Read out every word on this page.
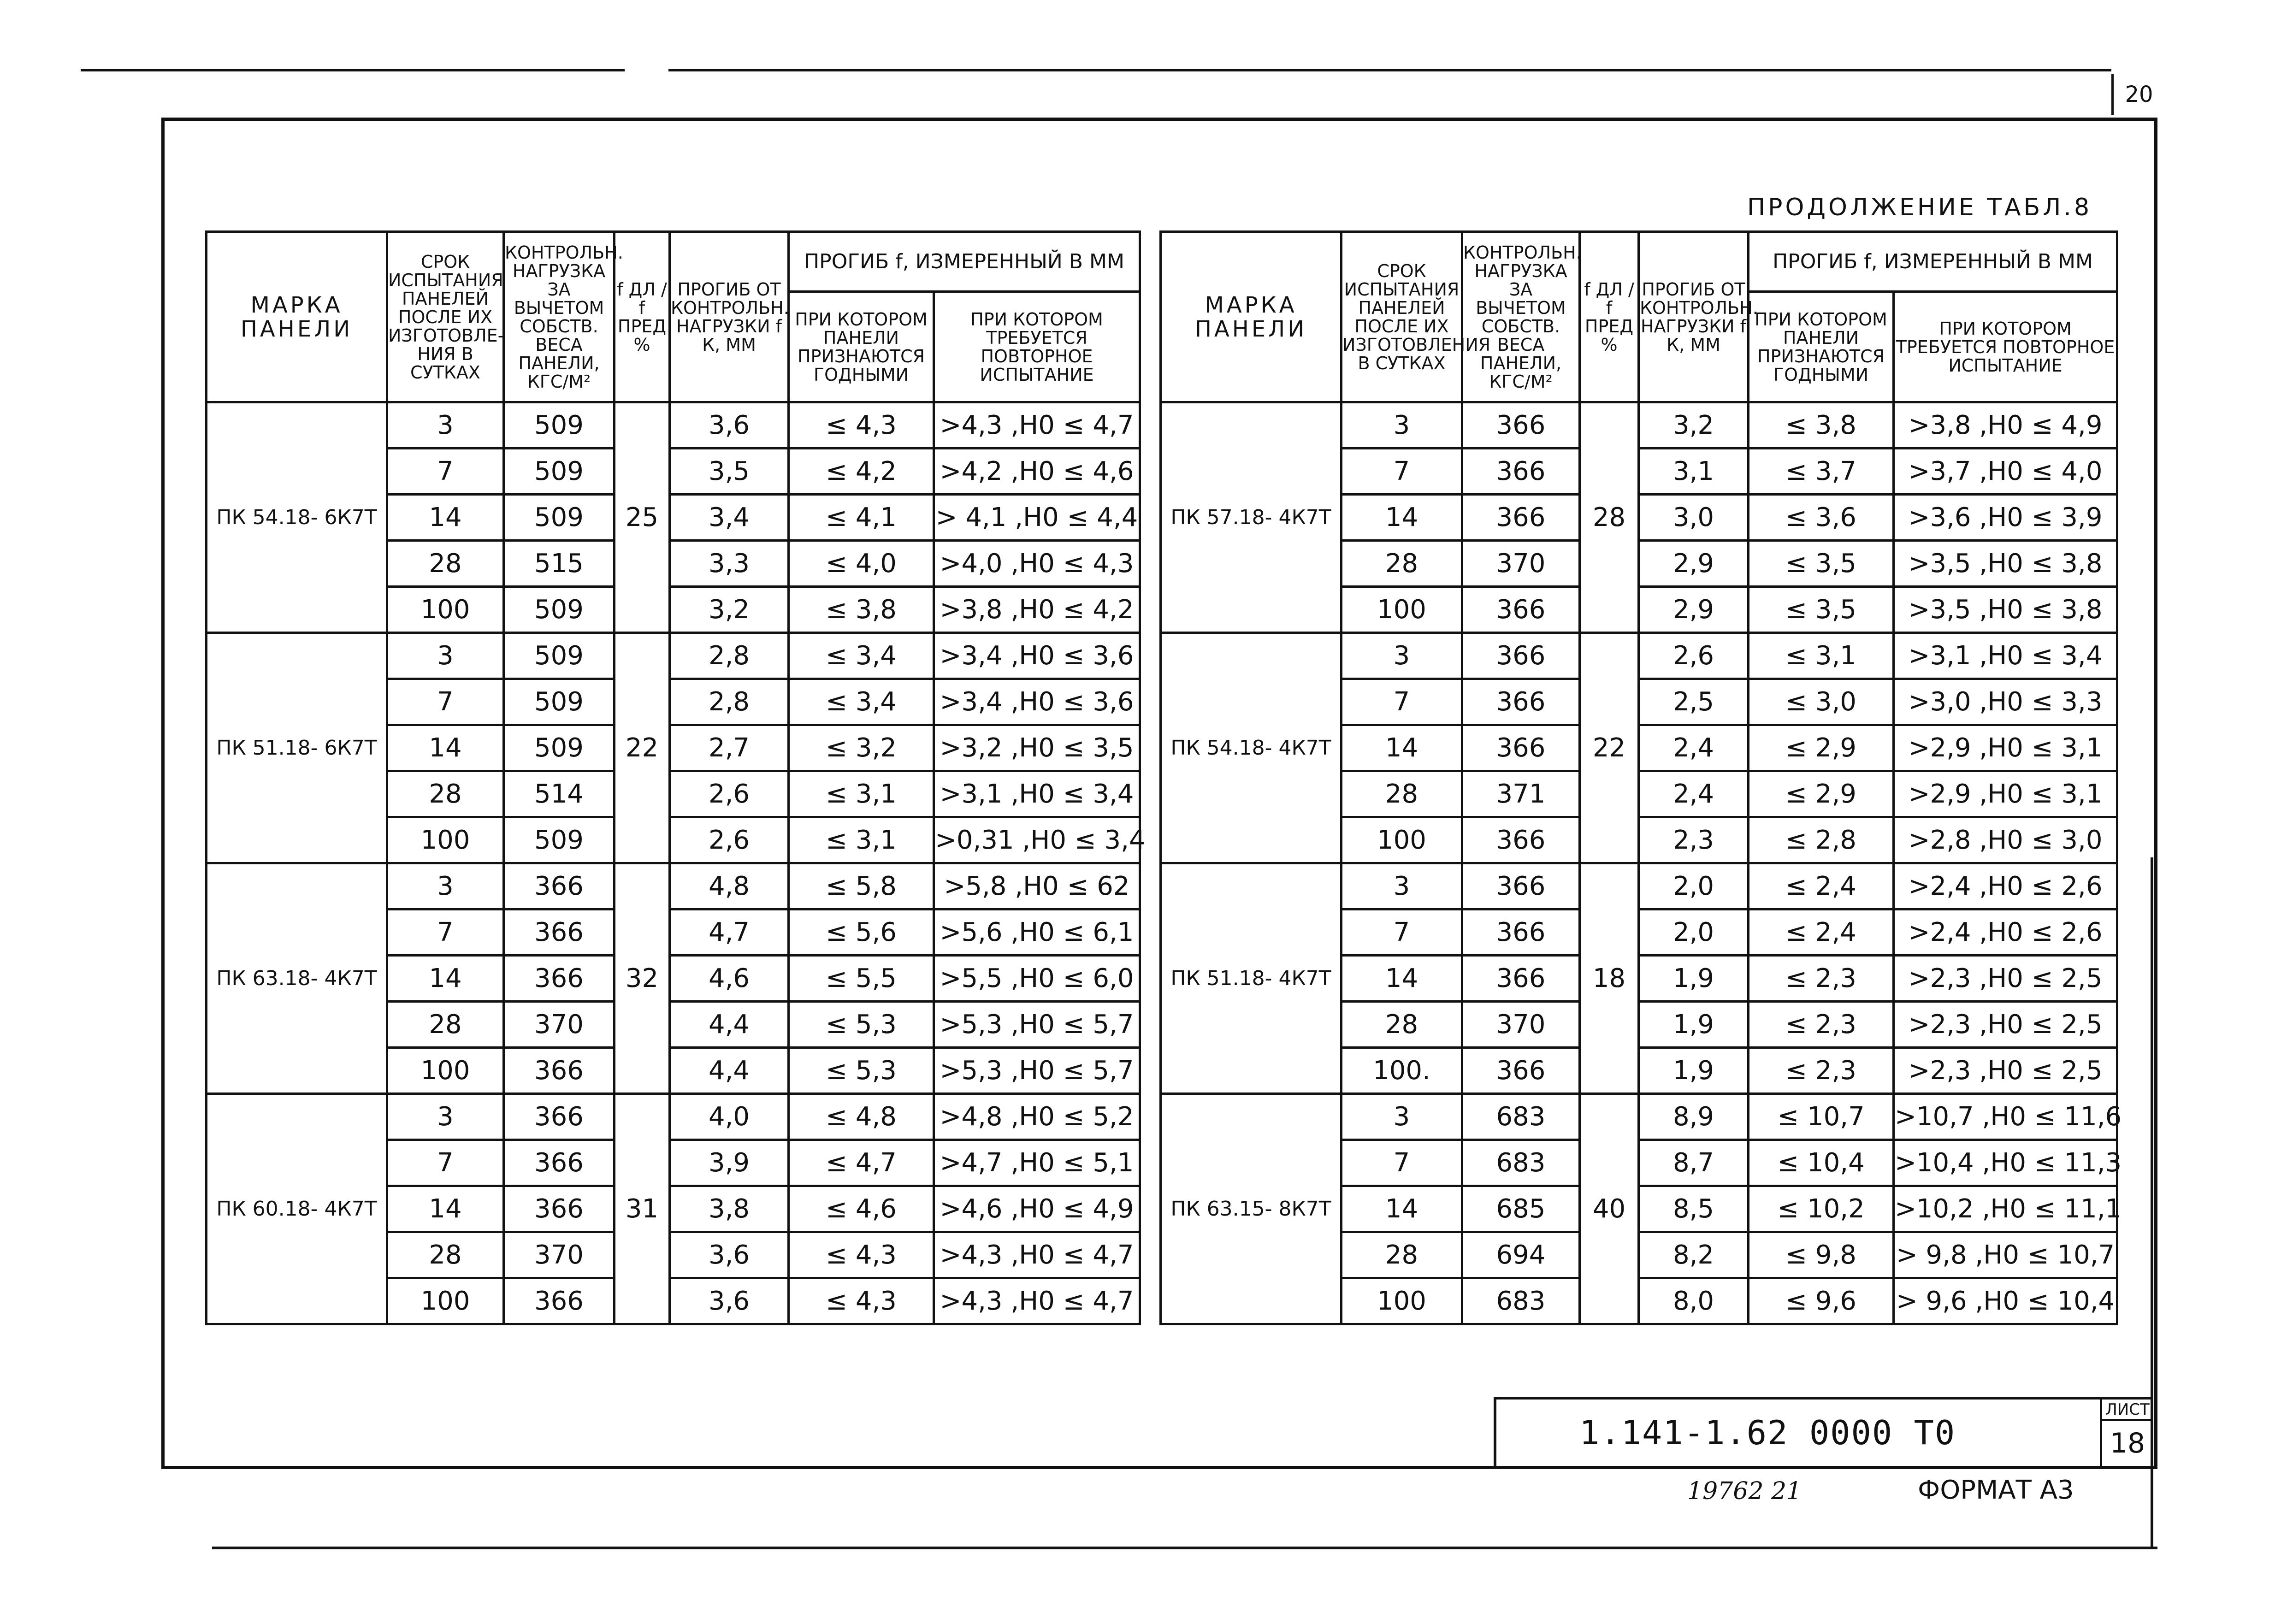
20
ПРОДОЛЖЕНИЕ ТАБЛ.8
МАРКА ПАНЕЛИ	СРОК ИСПЫТАНИЯ ПАНЕЛЕЙ ПОСЛЕ ИХ ИЗГОТОВЛЕ- НИЯ В СУТКАХ	КОНТРОЛЬН. НАГРУЗКА ЗА ВЫЧЕТОМ СОБСТВ. ВЕСА ПАНЕЛИ, КГС/М²	f ДЛ / f ПРЕД %	ПРОГИБ ОТ КОНТРОЛЬН. НАГРУЗКИ f К, ММ	ПРОГИБ f, ИЗМЕРЕННЫЙ В ММ	
					ПРИ КОТОРОМ ПАНЕЛИ ПРИЗНАЮТСЯ ГОДНЫМИ	ПРИ КОТОРОМ ТРЕБУЕТСЯ ПОВТОРНОЕ ИСПЫТАНИЕ
ПК 54.18- 6К7Т	3	509	25	3,6	≤ 4,3	>4,3 ,Н0 ≤ 4,7
	7	509		3,5	≤ 4,2	>4,2 ,Н0 ≤ 4,6
	14	509		3,4	≤ 4,1	> 4,1 ,Н0 ≤ 4,4
	28	515		3,3	≤ 4,0	>4,0 ,Н0 ≤ 4,3
	100	509		3,2	≤ 3,8	>3,8 ,Н0 ≤ 4,2
ПК 51.18- 6К7Т	3	509	22	2,8	≤ 3,4	>3,4 ,Н0 ≤ 3,6
	7	509		2,8	≤ 3,4	>3,4 ,Н0 ≤ 3,6
	14	509		2,7	≤ 3,2	>3,2 ,Н0 ≤ 3,5
	28	514		2,6	≤ 3,1	>3,1 ,Н0 ≤ 3,4
	100	509		2,6	≤ 3,1	>0,31 ,Н0 ≤ 3,4
ПК 63.18- 4К7Т	3	366	32	4,8	≤ 5,8	>5,8 ,Н0 ≤ 62
	7	366		4,7	≤ 5,6	>5,6 ,Н0 ≤ 6,1
	14	366		4,6	≤ 5,5	>5,5 ,Н0 ≤ 6,0
	28	370		4,4	≤ 5,3	>5,3 ,Н0 ≤ 5,7
	100	366		4,4	≤ 5,3	>5,3 ,Н0 ≤ 5,7
ПК 60.18- 4К7Т	3	366	31	4,0	≤ 4,8	>4,8 ,Н0 ≤ 5,2
	7	366		3,9	≤ 4,7	>4,7 ,Н0 ≤ 5,1
	14	366		3,8	≤ 4,6	>4,6 ,Н0 ≤ 4,9
	28	370		3,6	≤ 4,3	>4,3 ,Н0 ≤ 4,7
	100	366		3,6	≤ 4,3	>4,3 ,Н0 ≤ 4,7
МАРКА ПАНЕЛИ	СРОК ИСПЫТАНИЯ ПАНЕЛЕЙ ПОСЛЕ ИХ ИЗГОТОВЛЕНИЯ В СУТКАХ	КОНТРОЛЬН. НАГРУЗКА ЗА ВЫЧЕТОМ СОБСТВ. ВЕСА ПАНЕЛИ, КГС/М²	f ДЛ / f ПРЕД %	ПРОГИБ ОТ КОНТРОЛЬН. НАГРУЗКИ f К, ММ	ПРОГИБ f, ИЗМЕРЕННЫЙ В ММ	
					ПРИ КОТОРОМ ПАНЕЛИ ПРИЗНАЮТСЯ ГОДНЫМИ	ПРИ КОТОРОМ ТРЕБУЕТСЯ ПОВТОРНОЕ ИСПЫТАНИЕ
ПК 57.18- 4К7Т	3	366	28	3,2	≤ 3,8	>3,8 ,Н0 ≤ 4,9
	7	366		3,1	≤ 3,7	>3,7 ,Н0 ≤ 4,0
	14	366		3,0	≤ 3,6	>3,6 ,Н0 ≤ 3,9
	28	370		2,9	≤ 3,5	>3,5 ,Н0 ≤ 3,8
	100	366		2,9	≤ 3,5	>3,5 ,Н0 ≤ 3,8
ПК 54.18- 4К7Т	3	366	22	2,6	≤ 3,1	>3,1 ,Н0 ≤ 3,4
	7	366		2,5	≤ 3,0	>3,0 ,Н0 ≤ 3,3
	14	366		2,4	≤ 2,9	>2,9 ,Н0 ≤ 3,1
	28	371		2,4	≤ 2,9	>2,9 ,Н0 ≤ 3,1
	100	366		2,3	≤ 2,8	>2,8 ,Н0 ≤ 3,0
ПК 51.18- 4К7Т	3	366	18	2,0	≤ 2,4	>2,4 ,Н0 ≤ 2,6
	7	366		2,0	≤ 2,4	>2,4 ,Н0 ≤ 2,6
	14	366		1,9	≤ 2,3	>2,3 ,Н0 ≤ 2,5
	28	370		1,9	≤ 2,3	>2,3 ,Н0 ≤ 2,5
	100.	366		1,9	≤ 2,3	>2,3 ,Н0 ≤ 2,5
ПК 63.15- 8К7Т	3	683	40	8,9	≤ 10,7	>10,7 ,Н0 ≤ 11,6
	7	683		8,7	≤ 10,4	>10,4 ,Н0 ≤ 11,3
	14	685		8,5	≤ 10,2	>10,2 ,Н0 ≤ 11,1
	28	694		8,2	≤ 9,8	> 9,8 ,Н0 ≤ 10,7
	100	683		8,0	≤ 9,6	> 9,6 ,Н0 ≤ 10,4
1.141-1.62 0000 Т0
ЛИСТ
18
19762 21	ФОРМАТ А3
